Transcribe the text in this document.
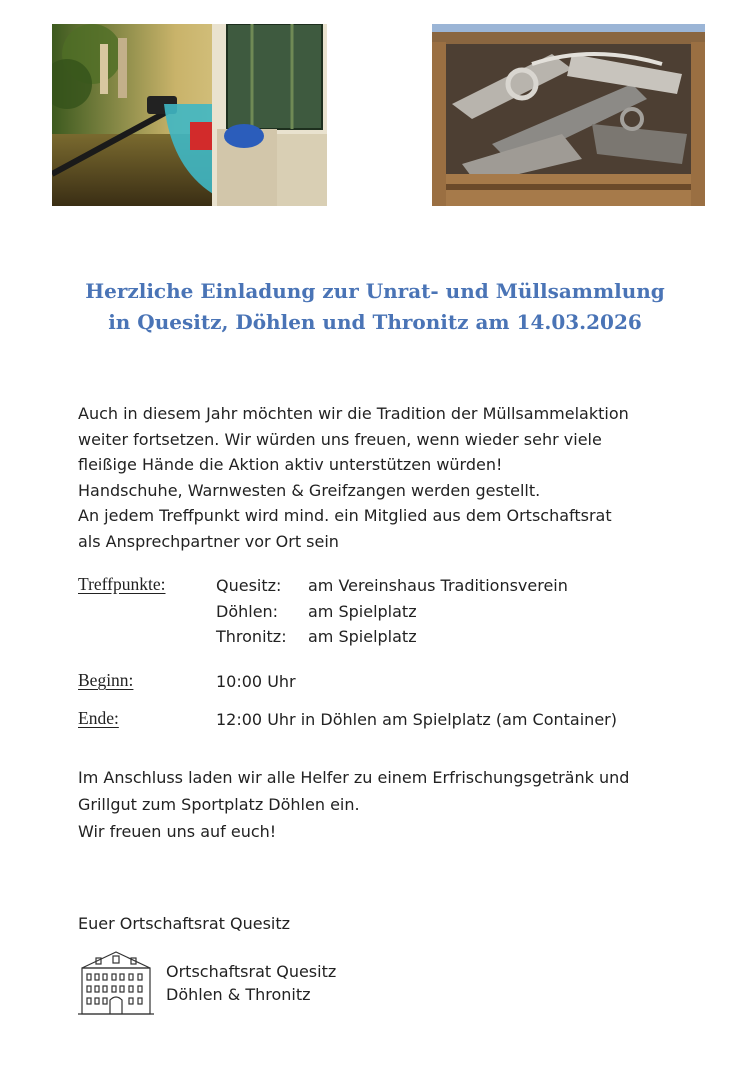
Herzliche Einladung zur Unrat- und Müllsammlung
in Quesitz, Döhlen und Thronitz am 14.03.2026
Auch in diesem Jahr möchten wir die Tradition der Müllsammelaktion
weiter fortsetzen. Wir würden uns freuen, wenn wieder sehr viele
fleißige Hände die Aktion aktiv unterstützen würden!
Handschuhe, Warnwesten & Greifzangen werden gestellt.
An jedem Treffpunkt wird mind. ein Mitglied aus dem Ortschaftsrat
als Ansprechpartner vor Ort sein
Treffpunkte:	Quesitz: am Vereinshaus Traditionsverein
Döhlen: am Spielplatz
Thronitz: am Spielplatz
Beginn:	10:00 Uhr
Ende:	12:00 Uhr in Döhlen am Spielplatz (am Container)
Im Anschluss laden wir alle Helfer zu einem Erfrischungsgetränk und
Grillgut zum Sportplatz Döhlen ein.
Wir freuen uns auf euch!
Euer Ortschaftsrat Quesitz
Ortschaftsrat Quesitz
Döhlen & Thronitz
